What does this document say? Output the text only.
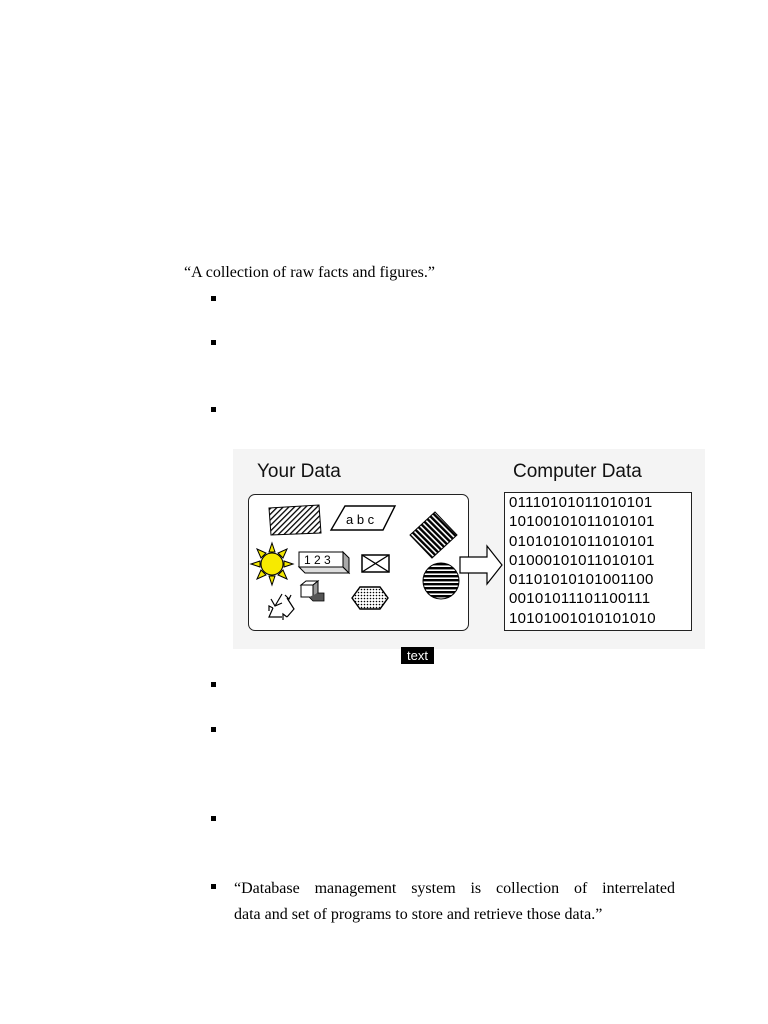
“A collection of raw facts and figures.”
Your Data	Computer Data
a b c
1 2 3
text
01110101011010101
10100101011010101
01010101011010101
01000101011010101
01101010101001100
00101011101100111
10101001010101010
“Database management system is collection of interrelated
data and set of programs to store and retrieve those data.”
